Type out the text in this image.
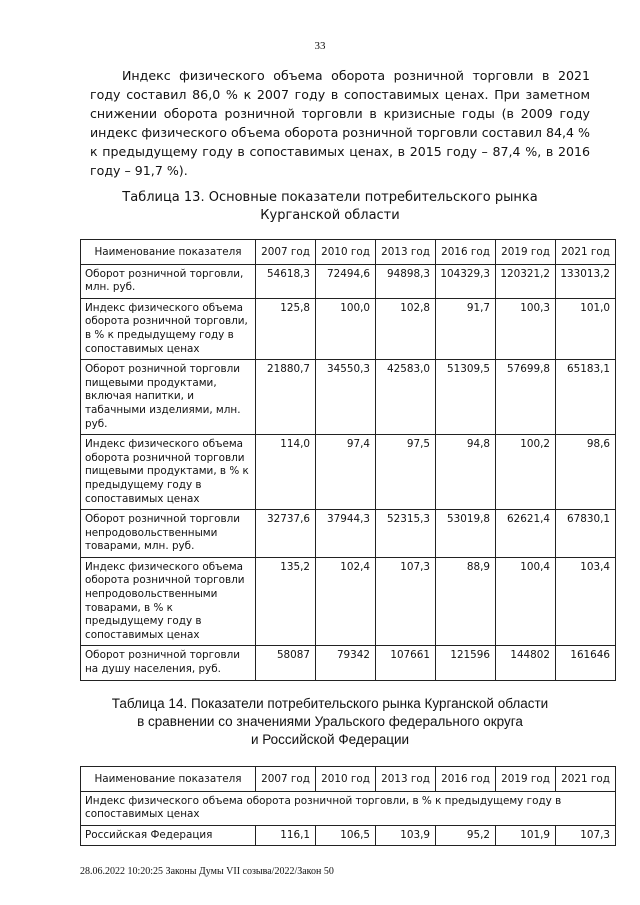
33

Индекс физического объема оборота розничной торговли в 2021 году составил 86,0 % к 2007 году в сопоставимых ценах. При заметном снижении оборота розничной торговли в кризисные годы (в 2009 году индекс физического объема оборота розничной торговли составил 84,4 % к предыдущему году в сопоставимых ценах, в 2015 году – 87,4 %, в 2016 году – 91,7 %).

Таблица 13. Основные показатели потребительского рынка
Курганской области
Наименование показателя	2007 год	2010 год	2013 год	2016 год	2019 год	2021 год
Оборот розничной торговли, млн. руб.	54618,3	72494,6	94898,3	104329,3	120321,2	133013,2
Индекс физического объема оборота розничной торговли, в % к предыдущему году в сопоставимых ценах	125,8	100,0	102,8	91,7	100,3	101,0
Оборот розничной торговли пищевыми продуктами, включая напитки, и табачными изделиями, млн. руб.	21880,7	34550,3	42583,0	51309,5	57699,8	65183,1
Индекс физического объема оборота розничной торговли пищевыми продуктами, в % к предыдущему году в сопоставимых ценах	114,0	97,4	97,5	94,8	100,2	98,6
Оборот розничной торговли непродовольственными товарами, млн. руб.	32737,6	37944,3	52315,3	53019,8	62621,4	67830,1
Индекс физического объема оборота розничной торговли непродовольственными товарами, в % к предыдущему году в сопоставимых ценах	135,2	102,4	107,3	88,9	100,4	103,4
Оборот розничной торговли на душу населения, руб.	58087	79342	107661	121596	144802	161646
Таблица 14. Показатели потребительского рынка Курганской области
в сравнении со значениями Уральского федерального округа
и Российской Федерации
Наименование показателя	2007 год	2010 год	2013 год	2016 год	2019 год	2021 год
Индекс физического объема оборота розничной торговли, в % к предыдущему году в сопоставимых ценах						
Российская Федерация	116,1	106,5	103,9	95,2	101,9	107,3
28.06.2022 10:20:25 Законы Думы VII созыва/2022/Закон 50
